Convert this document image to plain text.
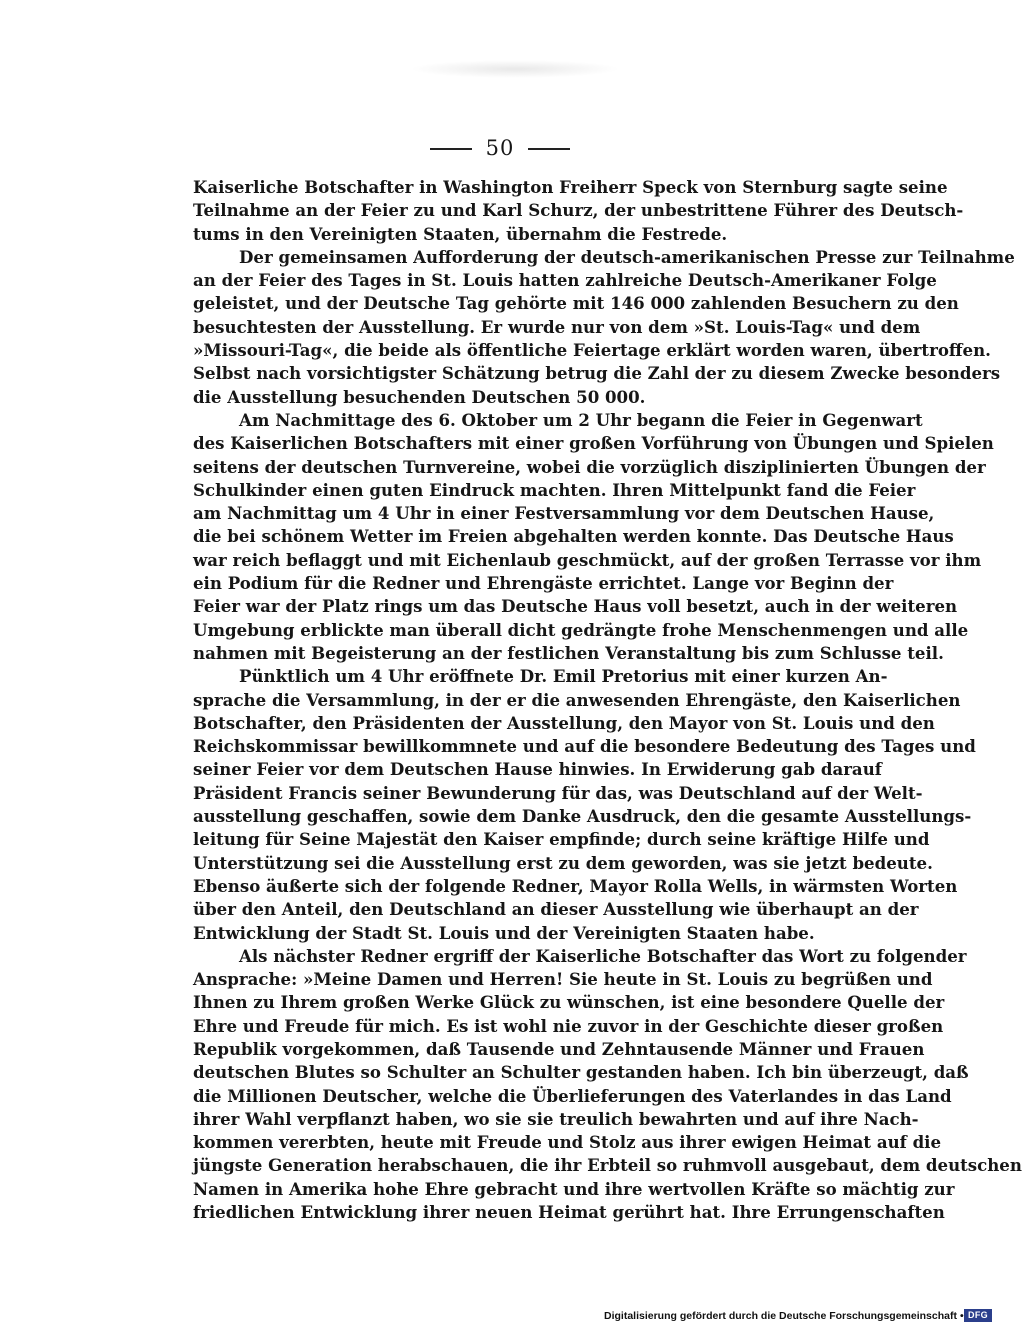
50

Kaiserliche Botschafter in Washington Freiherr Speck von Sternburg sagte seine
Teilnahme an der Feier zu und Karl Schurz, der unbestrittene Führer des Deutsch-
tums in den Vereinigten Staaten, übernahm die Festrede.

Der gemeinsamen Aufforderung der deutsch-amerikanischen Presse zur Teilnahme
an der Feier des Tages in St. Louis hatten zahlreiche Deutsch-Amerikaner Folge
geleistet, und der Deutsche Tag gehörte mit 146 000 zahlenden Besuchern zu den
besuchtesten der Ausstellung. Er wurde nur von dem »St. Louis-Tag« und dem
»Missouri-Tag«, die beide als öffentliche Feiertage erklärt worden waren, übertroffen.
Selbst nach vorsichtigster Schätzung betrug die Zahl der zu diesem Zwecke besonders
die Ausstellung besuchenden Deutschen 50 000.

Am Nachmittage des 6. Oktober um 2 Uhr begann die Feier in Gegenwart
des Kaiserlichen Botschafters mit einer großen Vorführung von Übungen und Spielen
seitens der deutschen Turnvereine, wobei die vorzüglich disziplinierten Übungen der
Schulkinder einen guten Eindruck machten. Ihren Mittelpunkt fand die Feier
am Nachmittag um 4 Uhr in einer Festversammlung vor dem Deutschen Hause,
die bei schönem Wetter im Freien abgehalten werden konnte. Das Deutsche Haus
war reich beflaggt und mit Eichenlaub geschmückt, auf der großen Terrasse vor ihm
ein Podium für die Redner und Ehrengäste errichtet. Lange vor Beginn der
Feier war der Platz rings um das Deutsche Haus voll besetzt, auch in der weiteren
Umgebung erblickte man überall dicht gedrängte frohe Menschenmengen und alle
nahmen mit Begeisterung an der festlichen Veranstaltung bis zum Schlusse teil.

Pünktlich um 4 Uhr eröffnete Dr. Emil Pretorius mit einer kurzen An-
sprache die Versammlung, in der er die anwesenden Ehrengäste, den Kaiserlichen
Botschafter, den Präsidenten der Ausstellung, den Mayor von St. Louis und den
Reichskommissar bewillkommnete und auf die besondere Bedeutung des Tages und
seiner Feier vor dem Deutschen Hause hinwies. In Erwiderung gab darauf
Präsident Francis seiner Bewunderung für das, was Deutschland auf der Welt-
ausstellung geschaffen, sowie dem Danke Ausdruck, den die gesamte Ausstellungs-
leitung für Seine Majestät den Kaiser empfinde; durch seine kräftige Hilfe und
Unterstützung sei die Ausstellung erst zu dem geworden, was sie jetzt bedeute.
Ebenso äußerte sich der folgende Redner, Mayor Rolla Wells, in wärmsten Worten
über den Anteil, den Deutschland an dieser Ausstellung wie überhaupt an der
Entwicklung der Stadt St. Louis und der Vereinigten Staaten habe.

Als nächster Redner ergriff der Kaiserliche Botschafter das Wort zu folgender
Ansprache: »Meine Damen und Herren! Sie heute in St. Louis zu begrüßen und
Ihnen zu Ihrem großen Werke Glück zu wünschen, ist eine besondere Quelle der
Ehre und Freude für mich. Es ist wohl nie zuvor in der Geschichte dieser großen
Republik vorgekommen, daß Tausende und Zehntausende Männer und Frauen
deutschen Blutes so Schulter an Schulter gestanden haben. Ich bin überzeugt, daß
die Millionen Deutscher, welche die Überlieferungen des Vaterlandes in das Land
ihrer Wahl verpflanzt haben, wo sie sie treulich bewahrten und auf ihre Nach-
kommen vererbten, heute mit Freude und Stolz aus ihrer ewigen Heimat auf die
jüngste Generation herabschauen, die ihr Erbteil so ruhmvoll ausgebaut, dem deutschen
Namen in Amerika hohe Ehre gebracht und ihre wertvollen Kräfte so mächtig zur
friedlichen Entwicklung ihrer neuen Heimat gerührt hat. Ihre Errungenschaften

Digitalisierung gefördert durch die Deutsche Forschungsgemeinschaft • DFG
